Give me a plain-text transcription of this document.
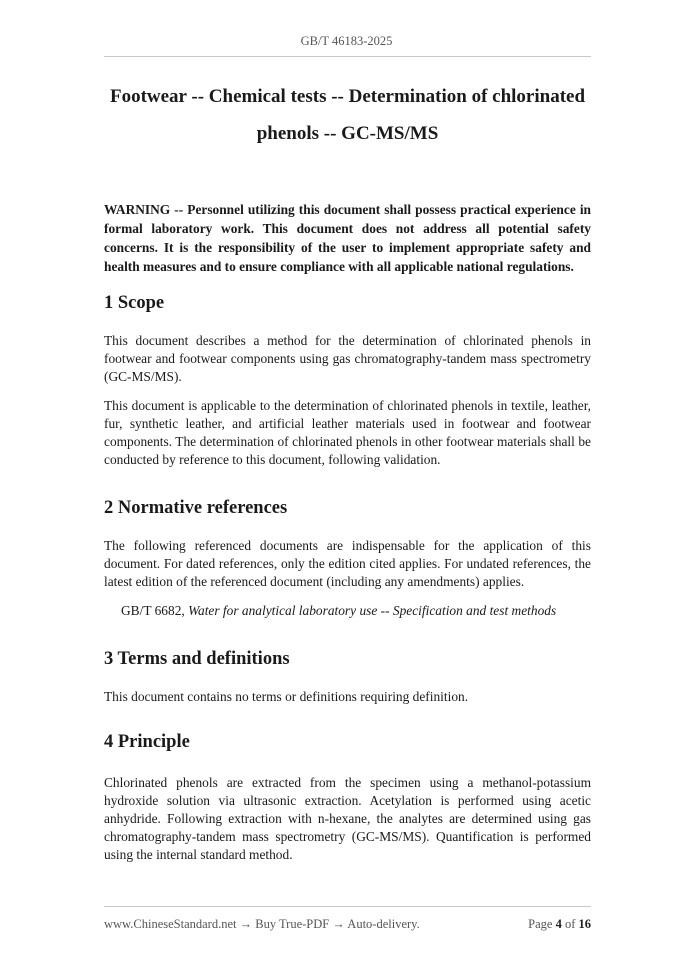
GB/T 46183-2025
Footwear -- Chemical tests -- Determination of chlorinated
phenols -- GC-MS/MS
WARNING -- Personnel utilizing this document shall possess practical experience in formal laboratory work. This document does not address all potential safety concerns. It is the responsibility of the user to implement appropriate safety and health measures and to ensure compliance with all applicable national regulations.
1 Scope

This document describes a method for the determination of chlorinated phenols in footwear and footwear components using gas chromatography-tandem mass spectrometry (GC-MS/MS).

This document is applicable to the determination of chlorinated phenols in textile, leather, fur, synthetic leather, and artificial leather materials used in footwear and footwear components. The determination of chlorinated phenols in other footwear materials shall be conducted by reference to this document, following validation.

2 Normative references

The following referenced documents are indispensable for the application of this document. For dated references, only the edition cited applies. For undated references, the latest edition of the referenced document (including any amendments) applies.

GB/T 6682, Water for analytical laboratory use -- Specification and test methods

3 Terms and definitions

This document contains no terms or definitions requiring definition.

4 Principle

Chlorinated phenols are extracted from the specimen using a methanol-potassium hydroxide solution via ultrasonic extraction. Acetylation is performed using acetic anhydride. Following extraction with n-hexane, the analytes are determined using gas chromatography-tandem mass spectrometry (GC-MS/MS). Quantification is performed using the internal standard method.

www.ChineseStandard.net → Buy True-PDF → Auto-delivery.	Page 4 of 16
